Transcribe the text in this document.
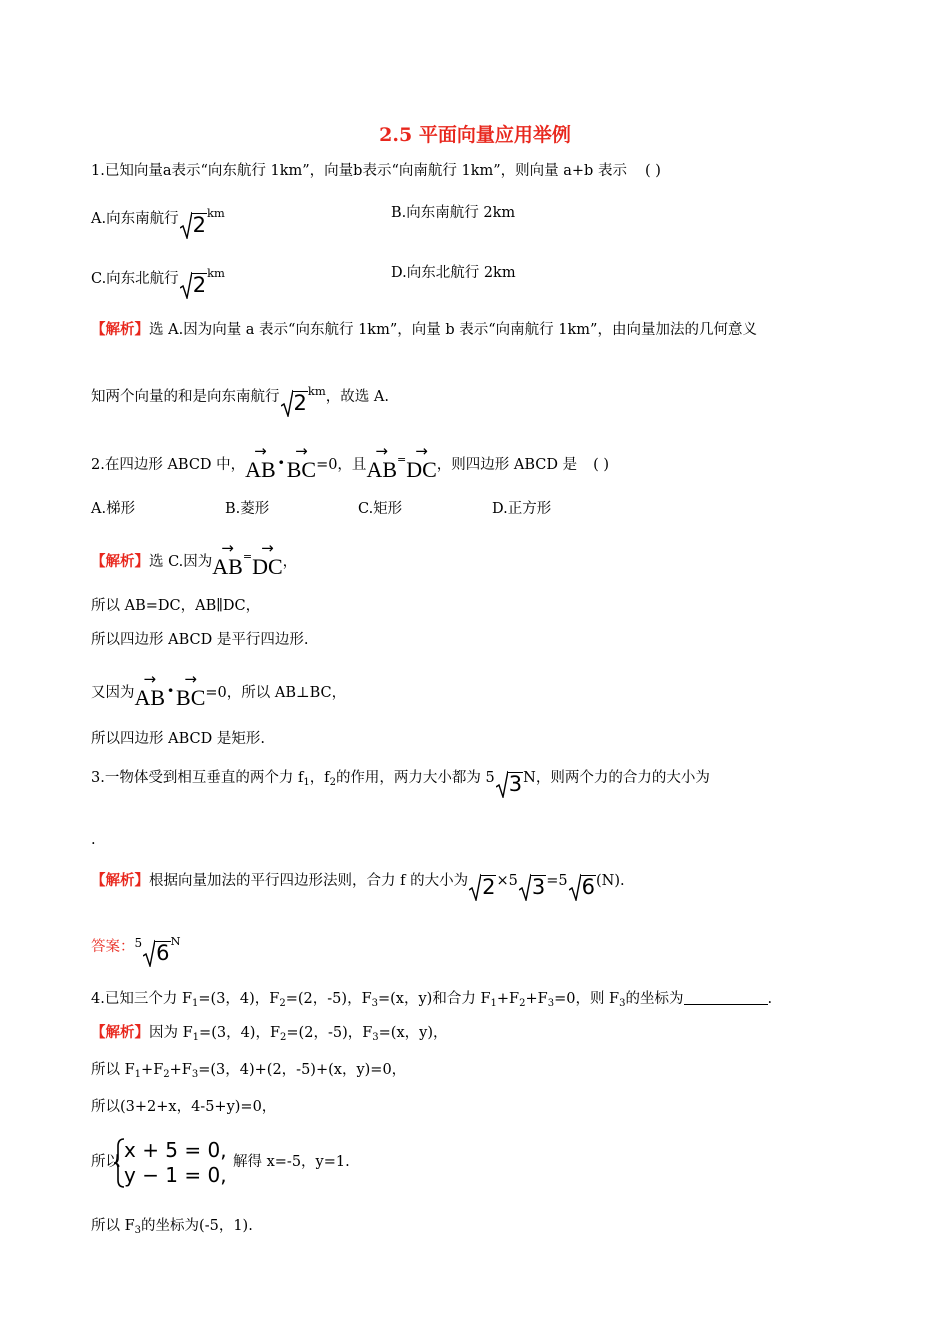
2.5 平面向量应用举例
1.已知向量a表示“向东航行 1km”，向量b表示“向南航行 1km”，则向量 a+b 表示 ( )
A.向东南航行 $2^{km}$	B.向东南航行 2km
C.向东北航行 $2^{km}$	D.向东北航行 2km
【解析】选 A.因为向量 a 表示“向东航行 1km”，向量 b 表示“向南航行 1km”，由向量加法的几何意义
知两个向量的和是向东南航行 $2^{km}$，故选 A.
2.在四边形 ABCD 中，
→
AB · →
BC=0，且
→
AB= →
DC，则四边形 ABCD 是 ( )
A.梯形	B.菱形	C.矩形	D.正方形
【解析】选 C.因为
→
AB= →
DC，
所以 AB=DC，AB∥DC，
所以四边形 ABCD 是平行四边形.
又因为
→
AB · →
BC=0，所以 AB⊥BC，
所以四边形 ABCD 是矩形.
3.一物体受到相互垂直的两个力 $f_1$，$f_2$的作用，两力大小都为 5 3N，则两个力的合力的大小为
.
【解析】根据向量加法的平行四边形法则，合力 f 的大小为 2×5 3=5 6(N).
答案：$^5$ $6^N$
4.已知三个力 $F_1=(3$，4)，$F_2=(2$，-5)，$F_3=(x$，y)和合力 $F_1+F_2+F_3=0$，则 $F_3$的坐标为	.
【解析】因为 $F_1=(3$，4)，$F_2=(2$，-5)，$F_3=(x$，y)，
所以 $F_1+F_2+F_3=(3$，4)+(2，-5)+(x，y)=0，
所以(3+2+x，4-5+y)=0，
所以 x + 5 = 0,
y − 1 = 0,
解得 x=-5，y=1.
所以 $F_3$的坐标为(-5，1).
